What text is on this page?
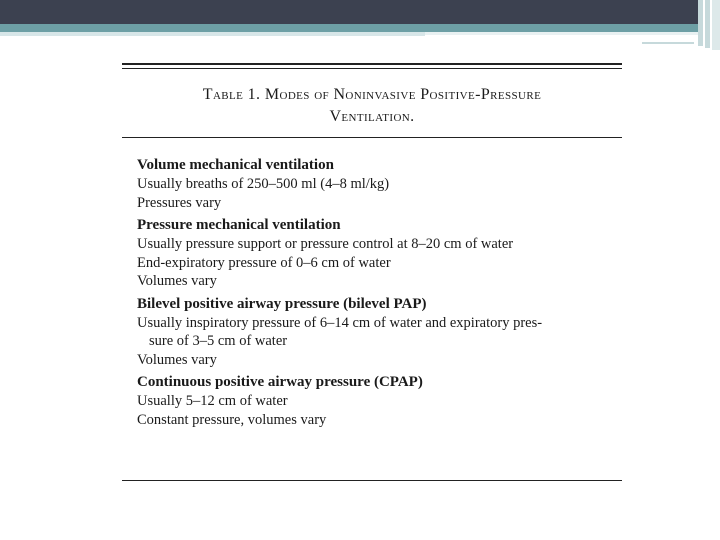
Table 1. Modes of Noninvasive Positive-Pressure
Ventilation.
Volume mechanical ventilation
Usually breaths of 250–500 ml (4–8 ml/kg)
Pressures vary
Pressure mechanical ventilation
Usually pressure support or pressure control at 8–20 cm of water
End-expiratory pressure of 0–6 cm of water
Volumes vary
Bilevel positive airway pressure (bilevel PAP)
Usually inspiratory pressure of 6–14 cm of water and expiratory pres-
sure of 3–5 cm of water
Volumes vary
Continuous positive airway pressure (CPAP)
Usually 5–12 cm of water
Constant pressure, volumes vary
